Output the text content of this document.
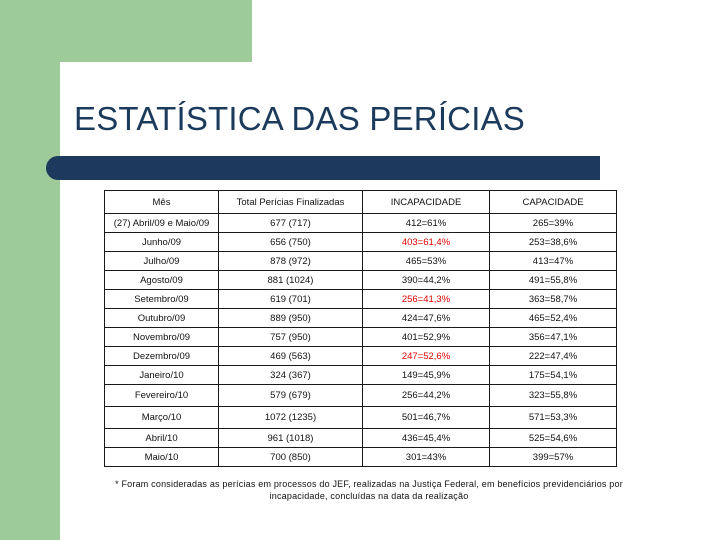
ESTATÍSTICA DAS PERÍCIAS
Mês	Total Perícias Finalizadas	INCAPACIDADE	CAPACIDADE
(27) Abril/09 e Maio/09	677 (717)	412=61%	265=39%
Junho/09	656 (750)	403=61,4%	253=38,6%
Julho/09	878 (972)	465=53%	413=47%
Agosto/09	881 (1024)	390=44,2%	491=55,8%
Setembro/09	619 (701)	256=41,3%	363=58,7%
Outubro/09	889 (950)	424=47,6%	465=52,4%
Novembro/09	757 (950)	401=52,9%	356=47,1%
Dezembro/09	469 (563)	247=52,6%	222=47,4%
Janeiro/10	324 (367)	149=45,9%	175=54,1%
Fevereiro/10	579 (679)	256=44,2%	323=55,8%
Março/10	1072 (1235)	501=46,7%	571=53,3%
Abril/10	961 (1018)	436=45,4%	525=54,6%
Maio/10	700 (850)	301=43%	399=57%
* Foram consideradas as perícias em processos do JEF, realizadas na Justiça Federal, em benefícios previdenciários por incapacidade, concluídas na data da realização
